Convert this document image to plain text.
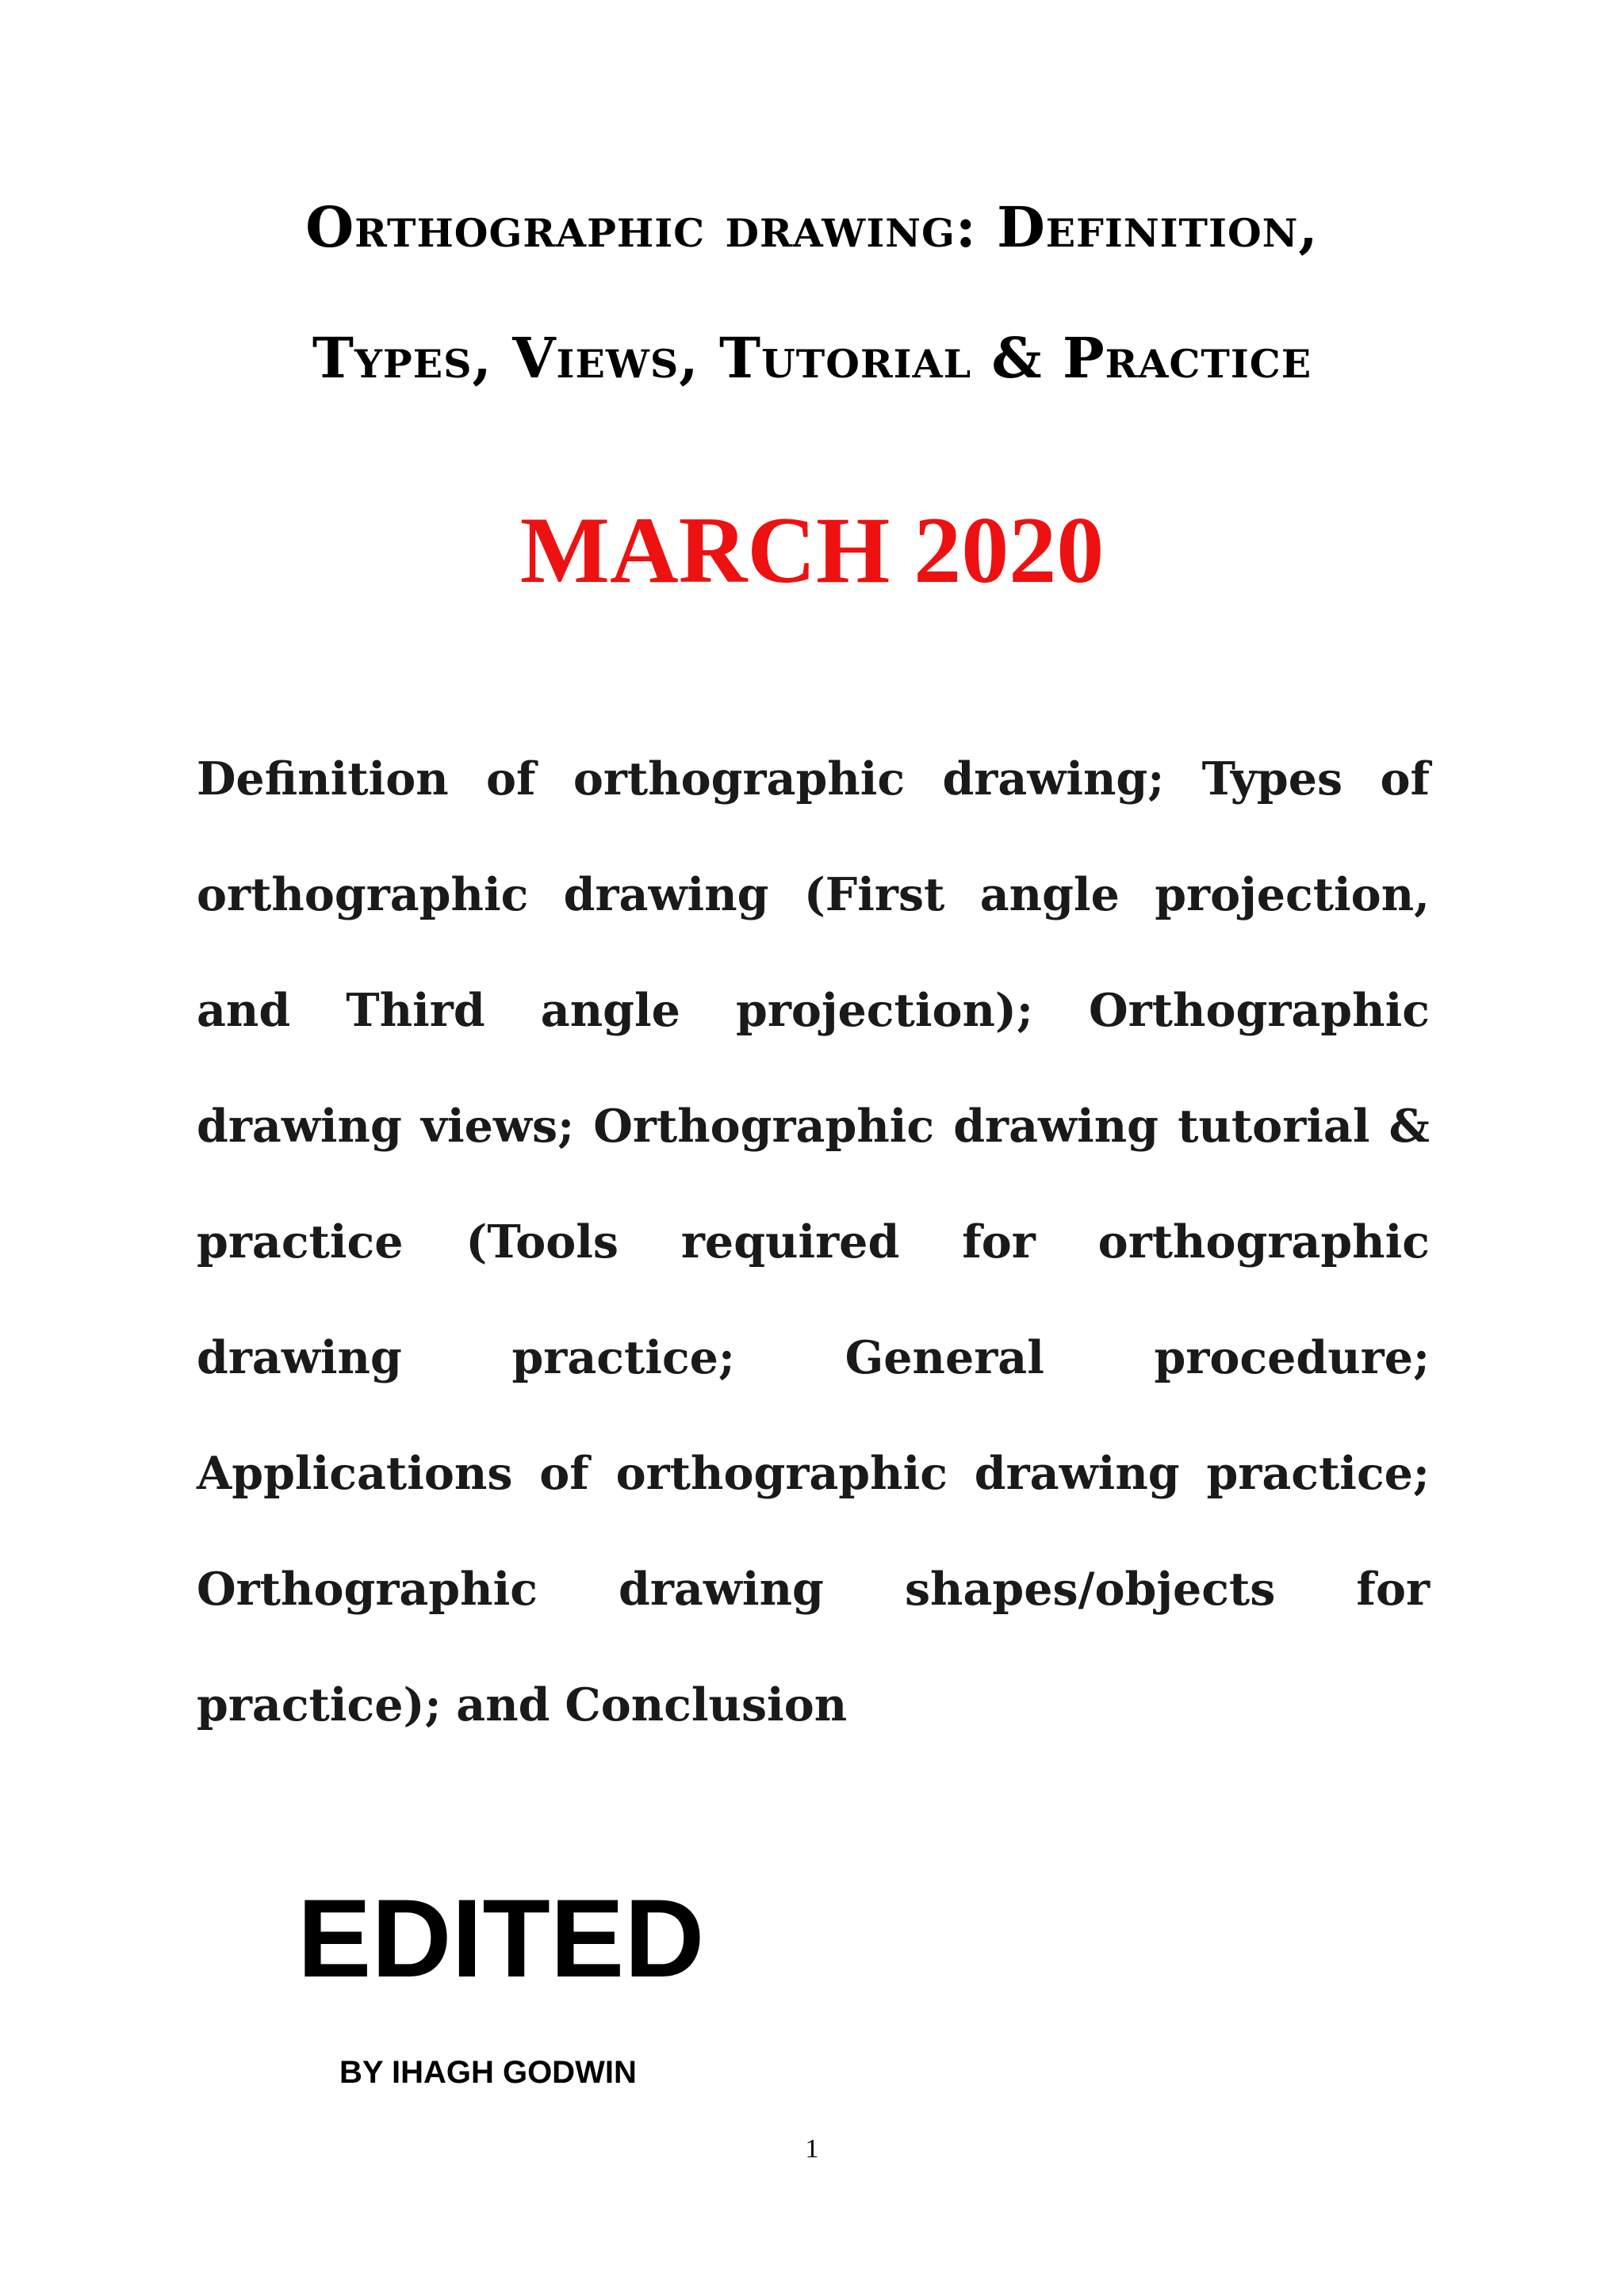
Orthographic drawing: Definition,
Types, Views, Tutorial & Practice
MARCH 2020
Definition of orthographic drawing; Types of
orthographic drawing (First angle projection,
and Third angle projection); Orthographic
drawing views; Orthographic drawing tutorial &
practice (Tools required for orthographic
drawing practice; General procedure;
Applications of orthographic drawing practice;
Orthographic drawing shapes/objects for
practice); and Conclusion
EDITED
BY IHAGH GODWIN
1
